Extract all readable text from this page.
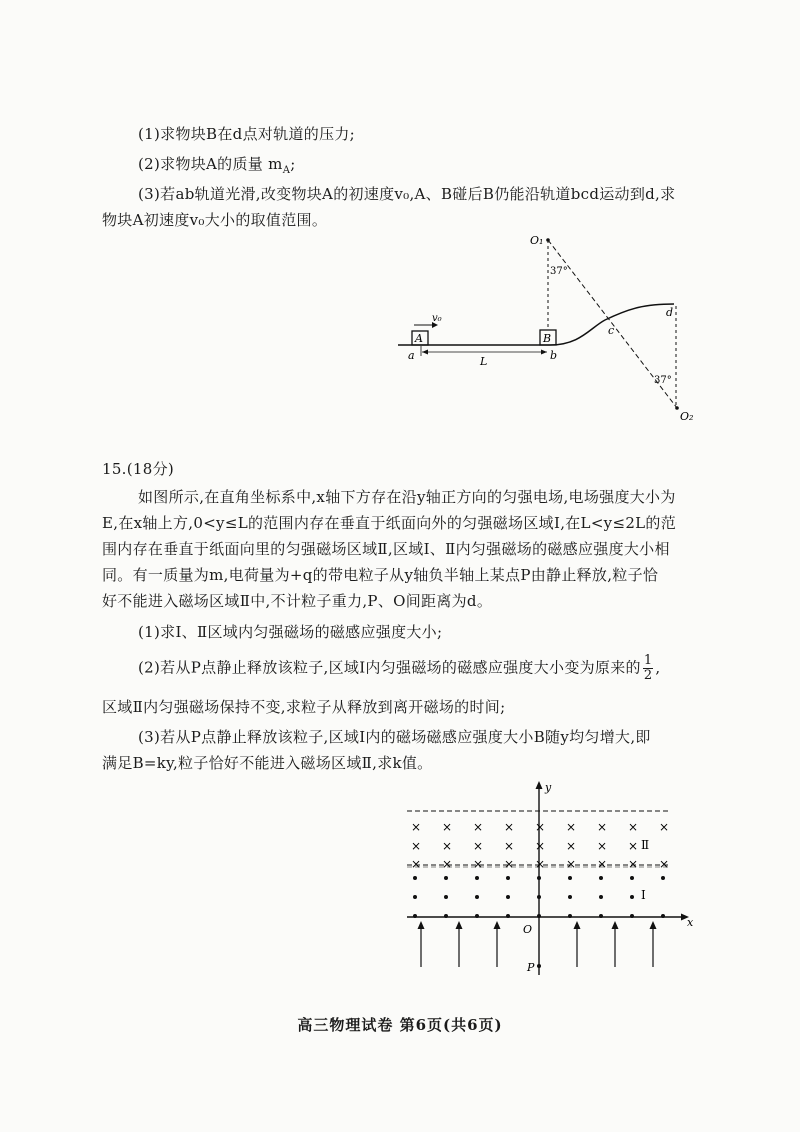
(1)求物块B在d点对轨道的压力;
(2)求物块A的质量 $m_A$;
(3)若ab轨道光滑,改变物块A的初速度v₀,A、B碰后B仍能沿轨道bcd运动到d,求
物块A初速度v₀大小的取值范围。
A
v₀
B
a	b
L
O₁
37°
c
d
37°
O₂
15.(18分)
如图所示,在直角坐标系中,x轴下方存在沿y轴正方向的匀强电场,电场强度大小为
E,在x轴上方,0<y≤L的范围内存在垂直于纸面向外的匀强磁场区域Ⅰ,在L<y≤2L的范
围内存在垂直于纸面向里的匀强磁场区域Ⅱ,区域Ⅰ、Ⅱ内匀强磁场的磁感应强度大小相
同。有一质量为m,电荷量为+q的带电粒子从y轴负半轴上某点P由静止释放,粒子恰
好不能进入磁场区域Ⅱ中,不计粒子重力,P、O间距离为d。
(1)求Ⅰ、Ⅱ区域内匀强磁场的磁感应强度大小;
(2)若从P点静止释放该粒子,区域Ⅰ内匀强磁场的磁感应强度大小变为原来的 $\frac{1}{2}$ ,
区域Ⅱ内匀强磁场保持不变,求粒子从释放到离开磁场的时间;
(3)若从P点静止释放该粒子,区域Ⅰ内的磁场磁感应强度大小B随y均匀增大,即
满足B=ky,粒子恰好不能进入磁场区域Ⅱ,求k值。
y
x
× × × × × × × × ×
× × × × × × × ×
× × × × × × × × ×
Ⅱ
Ⅰ
O
P
高三物理试卷 第6页(共6页)
